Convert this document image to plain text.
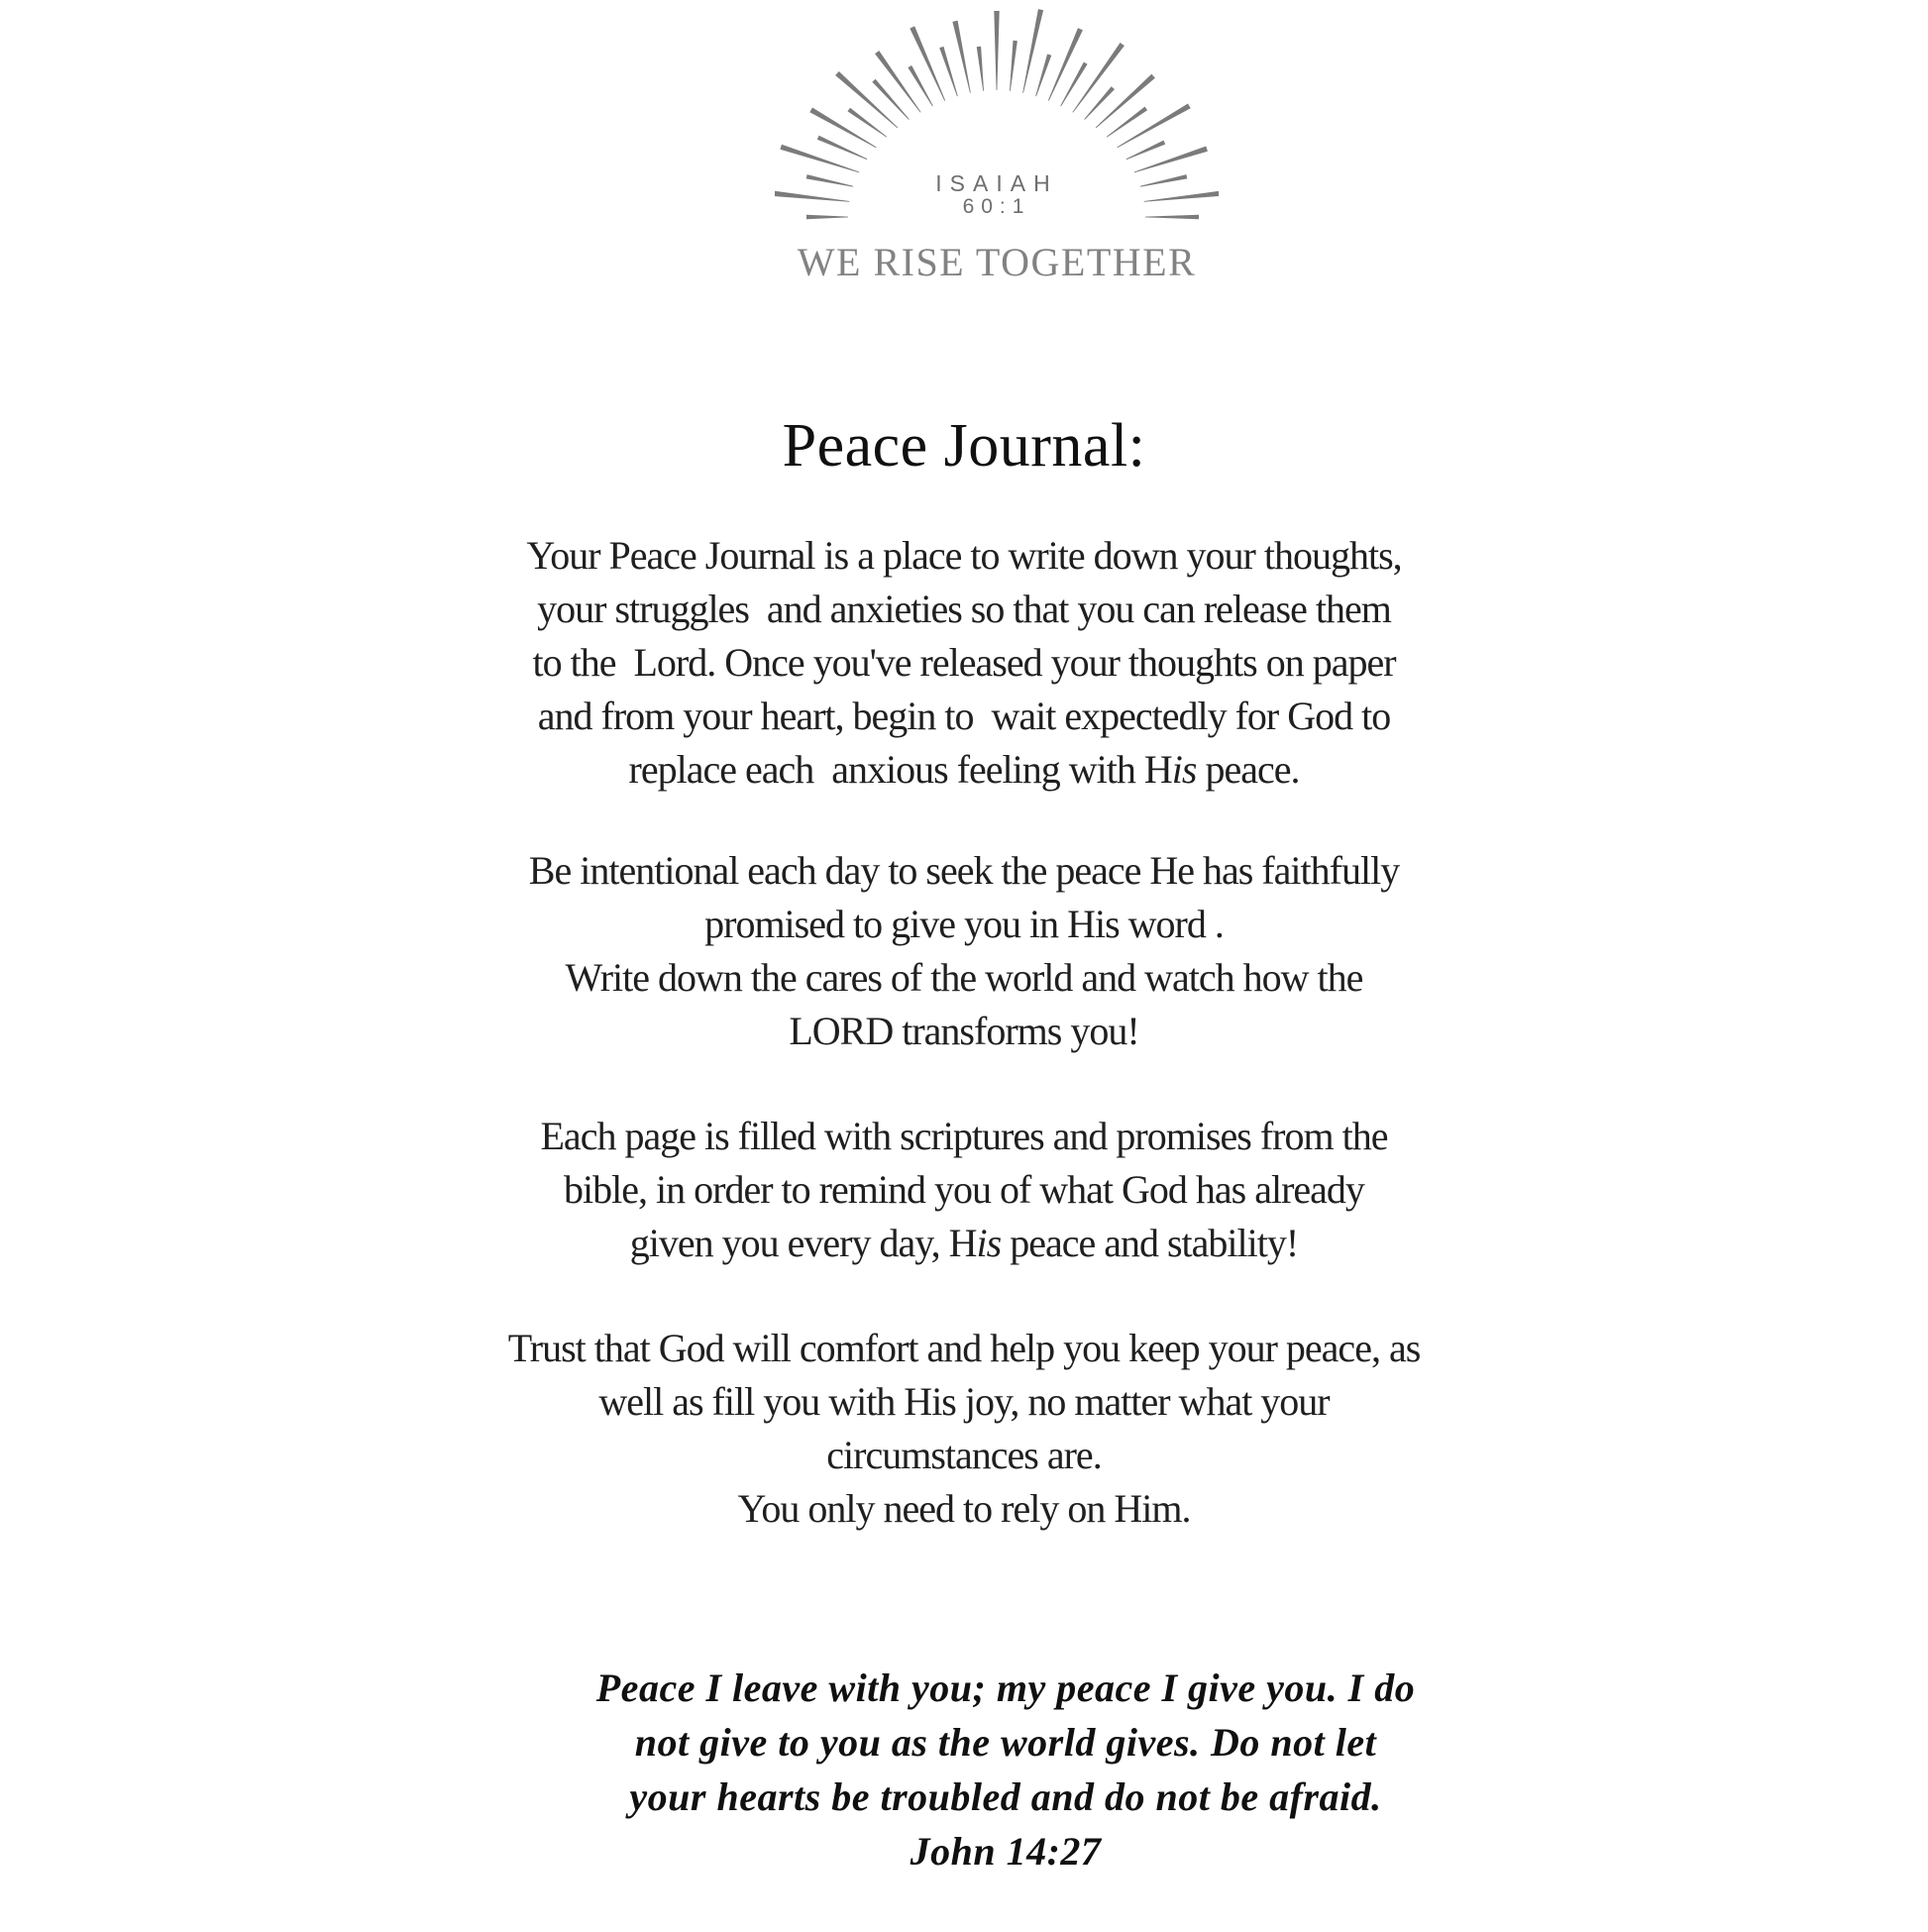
ISAIAH
60:1
WE RISE TOGETHER
Peace Journal:
Your Peace Journal is a place to write down your thoughts,
your struggles  and anxieties so that you can release them
to the  Lord. Once you've released your thoughts on paper
and from your heart, begin to  wait expectedly for God to
replace each  anxious feeling with His peace.
Be intentional each day to seek the peace He has faithfully
promised to give you in His word .
Write down the cares of the world and watch how the
LORD transforms you!
Each page is filled with scriptures and promises from the
bible, in order to remind you of what God has already
given you every day, His peace and stability!
Trust that God will comfort and help you keep your peace, as
well as fill you with His joy, no matter what your
circumstances are.
You only need to rely on Him.
Peace I leave with you; my peace I give you. I do
not give to you as the world gives. Do not let
your hearts be troubled and do not be afraid.
John 14:27
